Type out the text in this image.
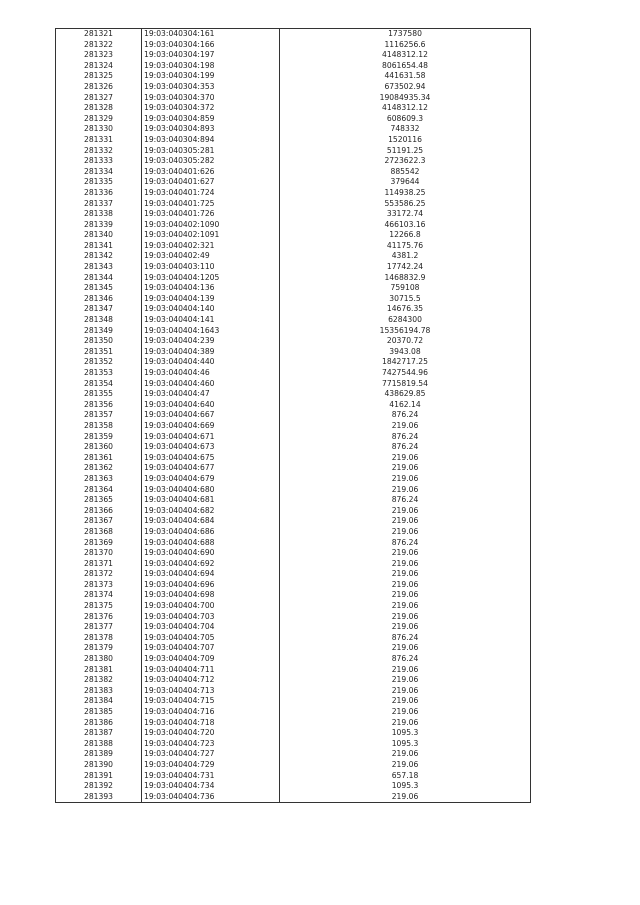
281321	19:03:040304:161	1737580
281322	19:03:040304:166	1116256.6
281323	19:03:040304:197	4148312.12
281324	19:03:040304:198	8061654.48
281325	19:03:040304:199	441631.58
281326	19:03:040304:353	673502.94
281327	19:03:040304:370	19084935.34
281328	19:03:040304:372	4148312.12
281329	19:03:040304:859	608609.3
281330	19:03:040304:893	748332
281331	19:03:040304:894	1520116
281332	19:03:040305:281	51191.25
281333	19:03:040305:282	2723622.3
281334	19:03:040401:626	885542
281335	19:03:040401:627	379644
281336	19:03:040401:724	114938.25
281337	19:03:040401:725	553586.25
281338	19:03:040401:726	33172.74
281339	19:03:040402:1090	466103.16
281340	19:03:040402:1091	12266.8
281341	19:03:040402:321	41175.76
281342	19:03:040402:49	4381.2
281343	19:03:040403:110	17742.24
281344	19:03:040404:1205	1468832.9
281345	19:03:040404:136	759108
281346	19:03:040404:139	30715.5
281347	19:03:040404:140	14676.35
281348	19:03:040404:141	6284300
281349	19:03:040404:1643	15356194.78
281350	19:03:040404:239	20370.72
281351	19:03:040404:389	3943.08
281352	19:03:040404:440	1842717.25
281353	19:03:040404:46	7427544.96
281354	19:03:040404:460	7715819.54
281355	19:03:040404:47	438629.85
281356	19:03:040404:640	4162.14
281357	19:03:040404:667	876.24
281358	19:03:040404:669	219.06
281359	19:03:040404:671	876.24
281360	19:03:040404:673	876.24
281361	19:03:040404:675	219.06
281362	19:03:040404:677	219.06
281363	19:03:040404:679	219.06
281364	19:03:040404:680	219.06
281365	19:03:040404:681	876.24
281366	19:03:040404:682	219.06
281367	19:03:040404:684	219.06
281368	19:03:040404:686	219.06
281369	19:03:040404:688	876.24
281370	19:03:040404:690	219.06
281371	19:03:040404:692	219.06
281372	19:03:040404:694	219.06
281373	19:03:040404:696	219.06
281374	19:03:040404:698	219.06
281375	19:03:040404:700	219.06
281376	19:03:040404:703	219.06
281377	19:03:040404:704	219.06
281378	19:03:040404:705	876.24
281379	19:03:040404:707	219.06
281380	19:03:040404:709	876.24
281381	19:03:040404:711	219.06
281382	19:03:040404:712	219.06
281383	19:03:040404:713	219.06
281384	19:03:040404:715	219.06
281385	19:03:040404:716	219.06
281386	19:03:040404:718	219.06
281387	19:03:040404:720	1095.3
281388	19:03:040404:723	1095.3
281389	19:03:040404:727	219.06
281390	19:03:040404:729	219.06
281391	19:03:040404:731	657.18
281392	19:03:040404:734	1095.3
281393	19:03:040404:736	219.06
